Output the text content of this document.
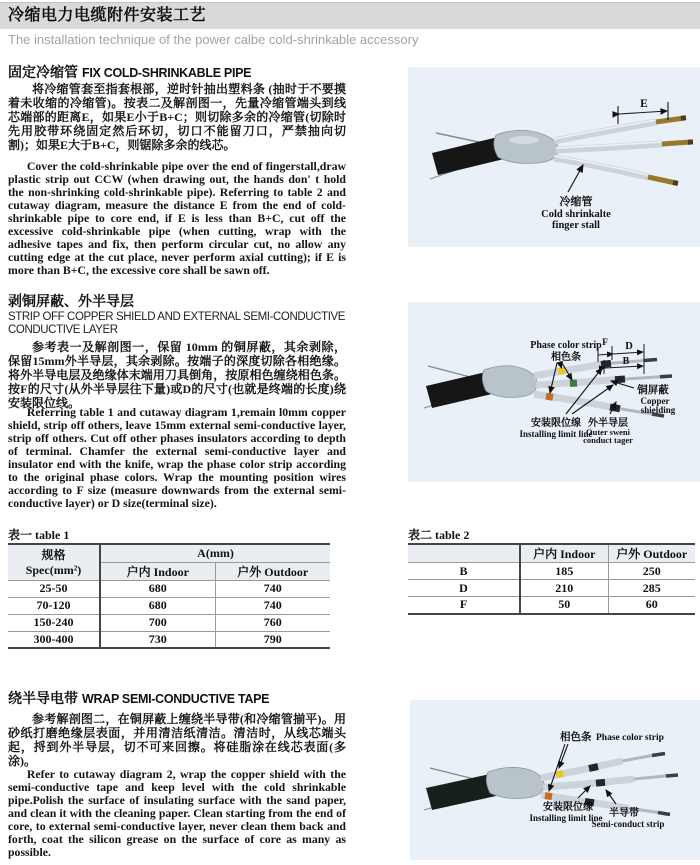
冷缩电力电缆附件安装工艺
The installation technique of the power calbe cold-shrinkable accessory
固定冷缩管 FIX COLD-SHRINKABLE PIPE
将冷缩管套至指套根部，逆时针抽出塑料条 (抽时于不要摸着未收缩的冷缩管)。按表二及解剖图一，先量冷缩管端头到线芯端部的距离E，如果E小于B+C；则切除多余的冷缩管(切除时先用胶带环绕固定然后环切，切口不能留刀口，严禁抽向切割)；如果E大于B+C，则锯除多余的线芯。
Cover the cold-shrinkable pipe over the end of fingerstall,draw plastic strip out CCW (when drawing out, the hands don' t hold the non-shrinking cold-shrinkable pipe). Referring to table 2 and cutaway diagram, measure the distance E from the end of cold-shrinkable pipe to core end, if E is less than B+C, cut off the excessive cold-shrinkable pipe (when cutting, wrap with the adhesive tapes and fix, then perform circular cut, no allow any cutting edge at the cut place, never perform axial cutting); if E is more than B+C, the excessive core shall be sawn off.
剥铜屏蔽、外半导层
STRIP OFF COPPER SHIELD AND EXTERNAL SEMI-CONDUCTIVE
CONDUCTIVE LAYER
参考表一及解剖图一，保留 10mm 的铜屏蔽，其余剥除， 保留15mm外半导层，其余剥除。按端子的深度切除各相绝缘。将外半导电层及绝缘体末端用刀具倒角，按原相色缠绕相色条。按F的尺寸(从外半导层往下量)或D的尺寸(也就是终端的长度)绕安装限位线。
Referring table 1 and cutaway diagram 1,remain l0mm copper shield, strip off others, leave 15mm external semi-conductive layer, strip off others. Cut off other phases insulators according to depth of terminal. Chamfer the external semi-conductive layer and insulator end with the knife, wrap the phase color strip according to the original phase colors. Wrap the mounting position wires according to F size (measure downwards from the external semi-conductive layer) or D size(terminal size).
表一 table 1
规格
Spec(mm²)	A(mm)	
	户内 Indoor	户外 Outdoor
25-50	680	740
70-120	680	740
150-240	700	760
300-400	730	790
绕半导电带 WRAP SEMI-CONDUCTIVE TAPE
参考解剖图二，在铜屏蔽上缠绕半导带(和冷缩管揃平)。用砂纸打磨绝缘层表面，并用清洁纸清洁。清洁时，从线芯端头起，捋到外半导层，切不可来回擦。将硅脂涂在线芯表面(多涂)。
Refer to cutaway diagram 2, wrap the copper shield with the semi-conductive tape and keep level with the cold shrinkable pipe.Polish the surface of insulating surface with the sand paper, and clean it with the cleaning paper. Clean starting from the end of core, to external semi-conductive layer, never clean them back and forth, coat the silicon grease on the surface of core as many as possible.
E
冷缩管
Cold shrinkalte
finger stall
F D
B
Phase color strip
相色条
铜屏蔽
Copper
shielding
安装限位缐
Installing limit line
外半导层
Outer sweni
conduct tager
表二 table 2
	户内 Indoor	户外 Outdoor
B	185	250
D	210	285
F	50	60
相色条 Phase color strip
安装限位缐
Installing limit line 半导带
Semi-conduct strip
